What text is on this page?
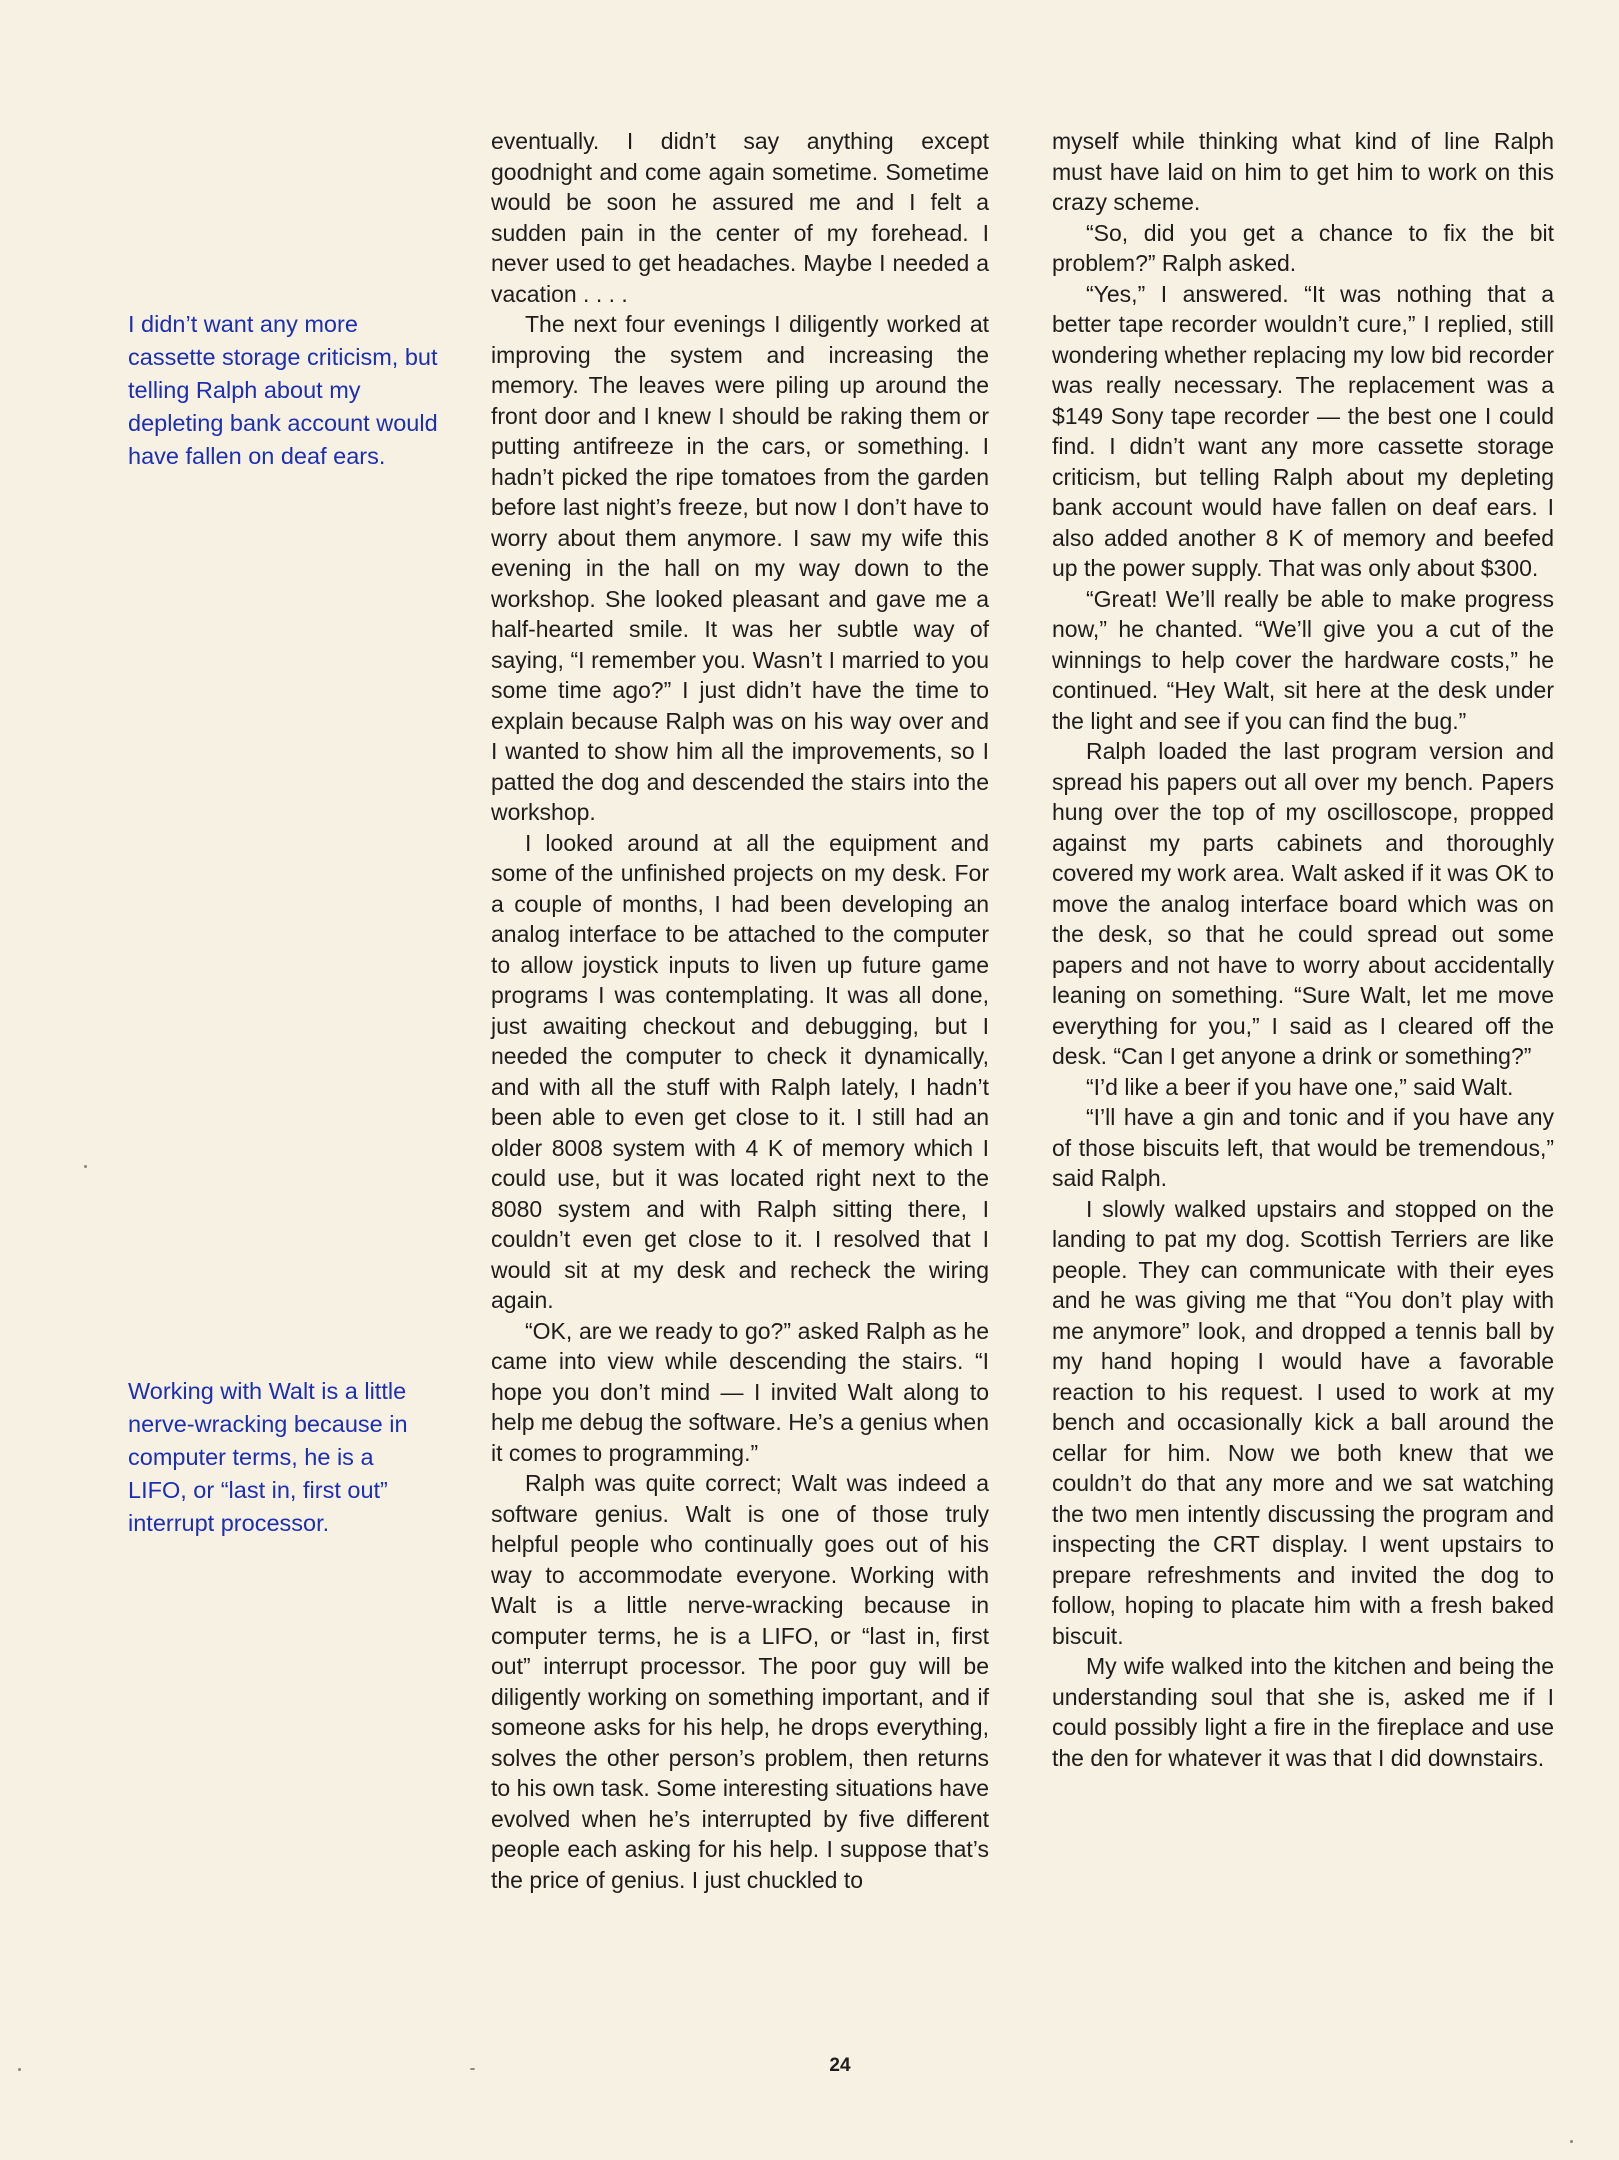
I didn’t want any more cassette storage criticism, but telling Ralph about my depleting bank account would have fallen on deaf ears.

Working with Walt is a little nerve-wracking because in computer terms, he is a LIFO, or “last in, first out” interrupt processor.

eventually. I didn’t say anything except goodnight and come again sometime. Sometime would be soon he assured me and I felt a sudden pain in the center of my forehead. I never used to get headaches. Maybe I needed a vacation . . . .

The next four evenings I diligently worked at improving the system and increasing the memory. The leaves were piling up around the front door and I knew I should be raking them or putting antifreeze in the cars, or something. I hadn’t picked the ripe tomatoes from the garden before last night’s freeze, but now I don’t have to worry about them anymore. I saw my wife this evening in the hall on my way down to the workshop. She looked pleasant and gave me a half-hearted smile. It was her subtle way of saying, “I remember you. Wasn’t I married to you some time ago?” I just didn’t have the time to explain because Ralph was on his way over and I wanted to show him all the improvements, so I patted the dog and descended the stairs into the workshop.

I looked around at all the equipment and some of the unfinished projects on my desk. For a couple of months, I had been developing an analog interface to be attached to the computer to allow joystick inputs to liven up future game programs I was contemplating. It was all done, just awaiting checkout and debugging, but I needed the computer to check it dynamically, and with all the stuff with Ralph lately, I hadn’t been able to even get close to it. I still had an older 8008 system with 4 K of memory which I could use, but it was located right next to the 8080 system and with Ralph sitting there, I couldn’t even get close to it. I resolved that I would sit at my desk and recheck the wiring again.

“OK, are we ready to go?” asked Ralph as he came into view while descending the stairs. “I hope you don’t mind — I invited Walt along to help me debug the software. He’s a genius when it comes to programming.”

Ralph was quite correct; Walt was indeed a software genius. Walt is one of those truly helpful people who continually goes out of his way to accommodate everyone. Working with Walt is a little nerve-wracking because in computer terms, he is a LIFO, or “last in, first out” interrupt processor. The poor guy will be diligently working on something important, and if someone asks for his help, he drops everything, solves the other person’s problem, then returns to his own task. Some interesting situations have evolved when he’s interrupted by five different people each asking for his help. I suppose that’s the price of genius. I just chuckled to

myself while thinking what kind of line Ralph must have laid on him to get him to work on this crazy scheme.

“So, did you get a chance to fix the bit problem?” Ralph asked.

“Yes,” I answered. “It was nothing that a better tape recorder wouldn’t cure,” I replied, still wondering whether replacing my low bid recorder was really necessary. The replacement was a $149 Sony tape recorder — the best one I could find. I didn’t want any more cassette storage criticism, but telling Ralph about my depleting bank account would have fallen on deaf ears. I also added another 8 K of memory and beefed up the power supply. That was only about $300.

“Great! We’ll really be able to make progress now,” he chanted. “We’ll give you a cut of the winnings to help cover the hardware costs,” he continued. “Hey Walt, sit here at the desk under the light and see if you can find the bug.”

Ralph loaded the last program version and spread his papers out all over my bench. Papers hung over the top of my oscilloscope, propped against my parts cabinets and thoroughly covered my work area. Walt asked if it was OK to move the analog interface board which was on the desk, so that he could spread out some papers and not have to worry about accidentally leaning on something. “Sure Walt, let me move everything for you,” I said as I cleared off the desk. “Can I get anyone a drink or something?”

“I’d like a beer if you have one,” said Walt.

“I’ll have a gin and tonic and if you have any of those biscuits left, that would be tremendous,” said Ralph.

I slowly walked upstairs and stopped on the landing to pat my dog. Scottish Terriers are like people. They can communicate with their eyes and he was giving me that “You don’t play with me anymore” look, and dropped a tennis ball by my hand hoping I would have a favorable reaction to his request. I used to work at my bench and occasionally kick a ball around the cellar for him. Now we both knew that we couldn’t do that any more and we sat watching the two men intently discussing the program and inspecting the CRT display. I went upstairs to prepare refreshments and invited the dog to follow, hoping to placate him with a fresh baked biscuit.

My wife walked into the kitchen and being the understanding soul that she is, asked me if I could possibly light a fire in the fireplace and use the den for whatever it was that I did downstairs.

24
